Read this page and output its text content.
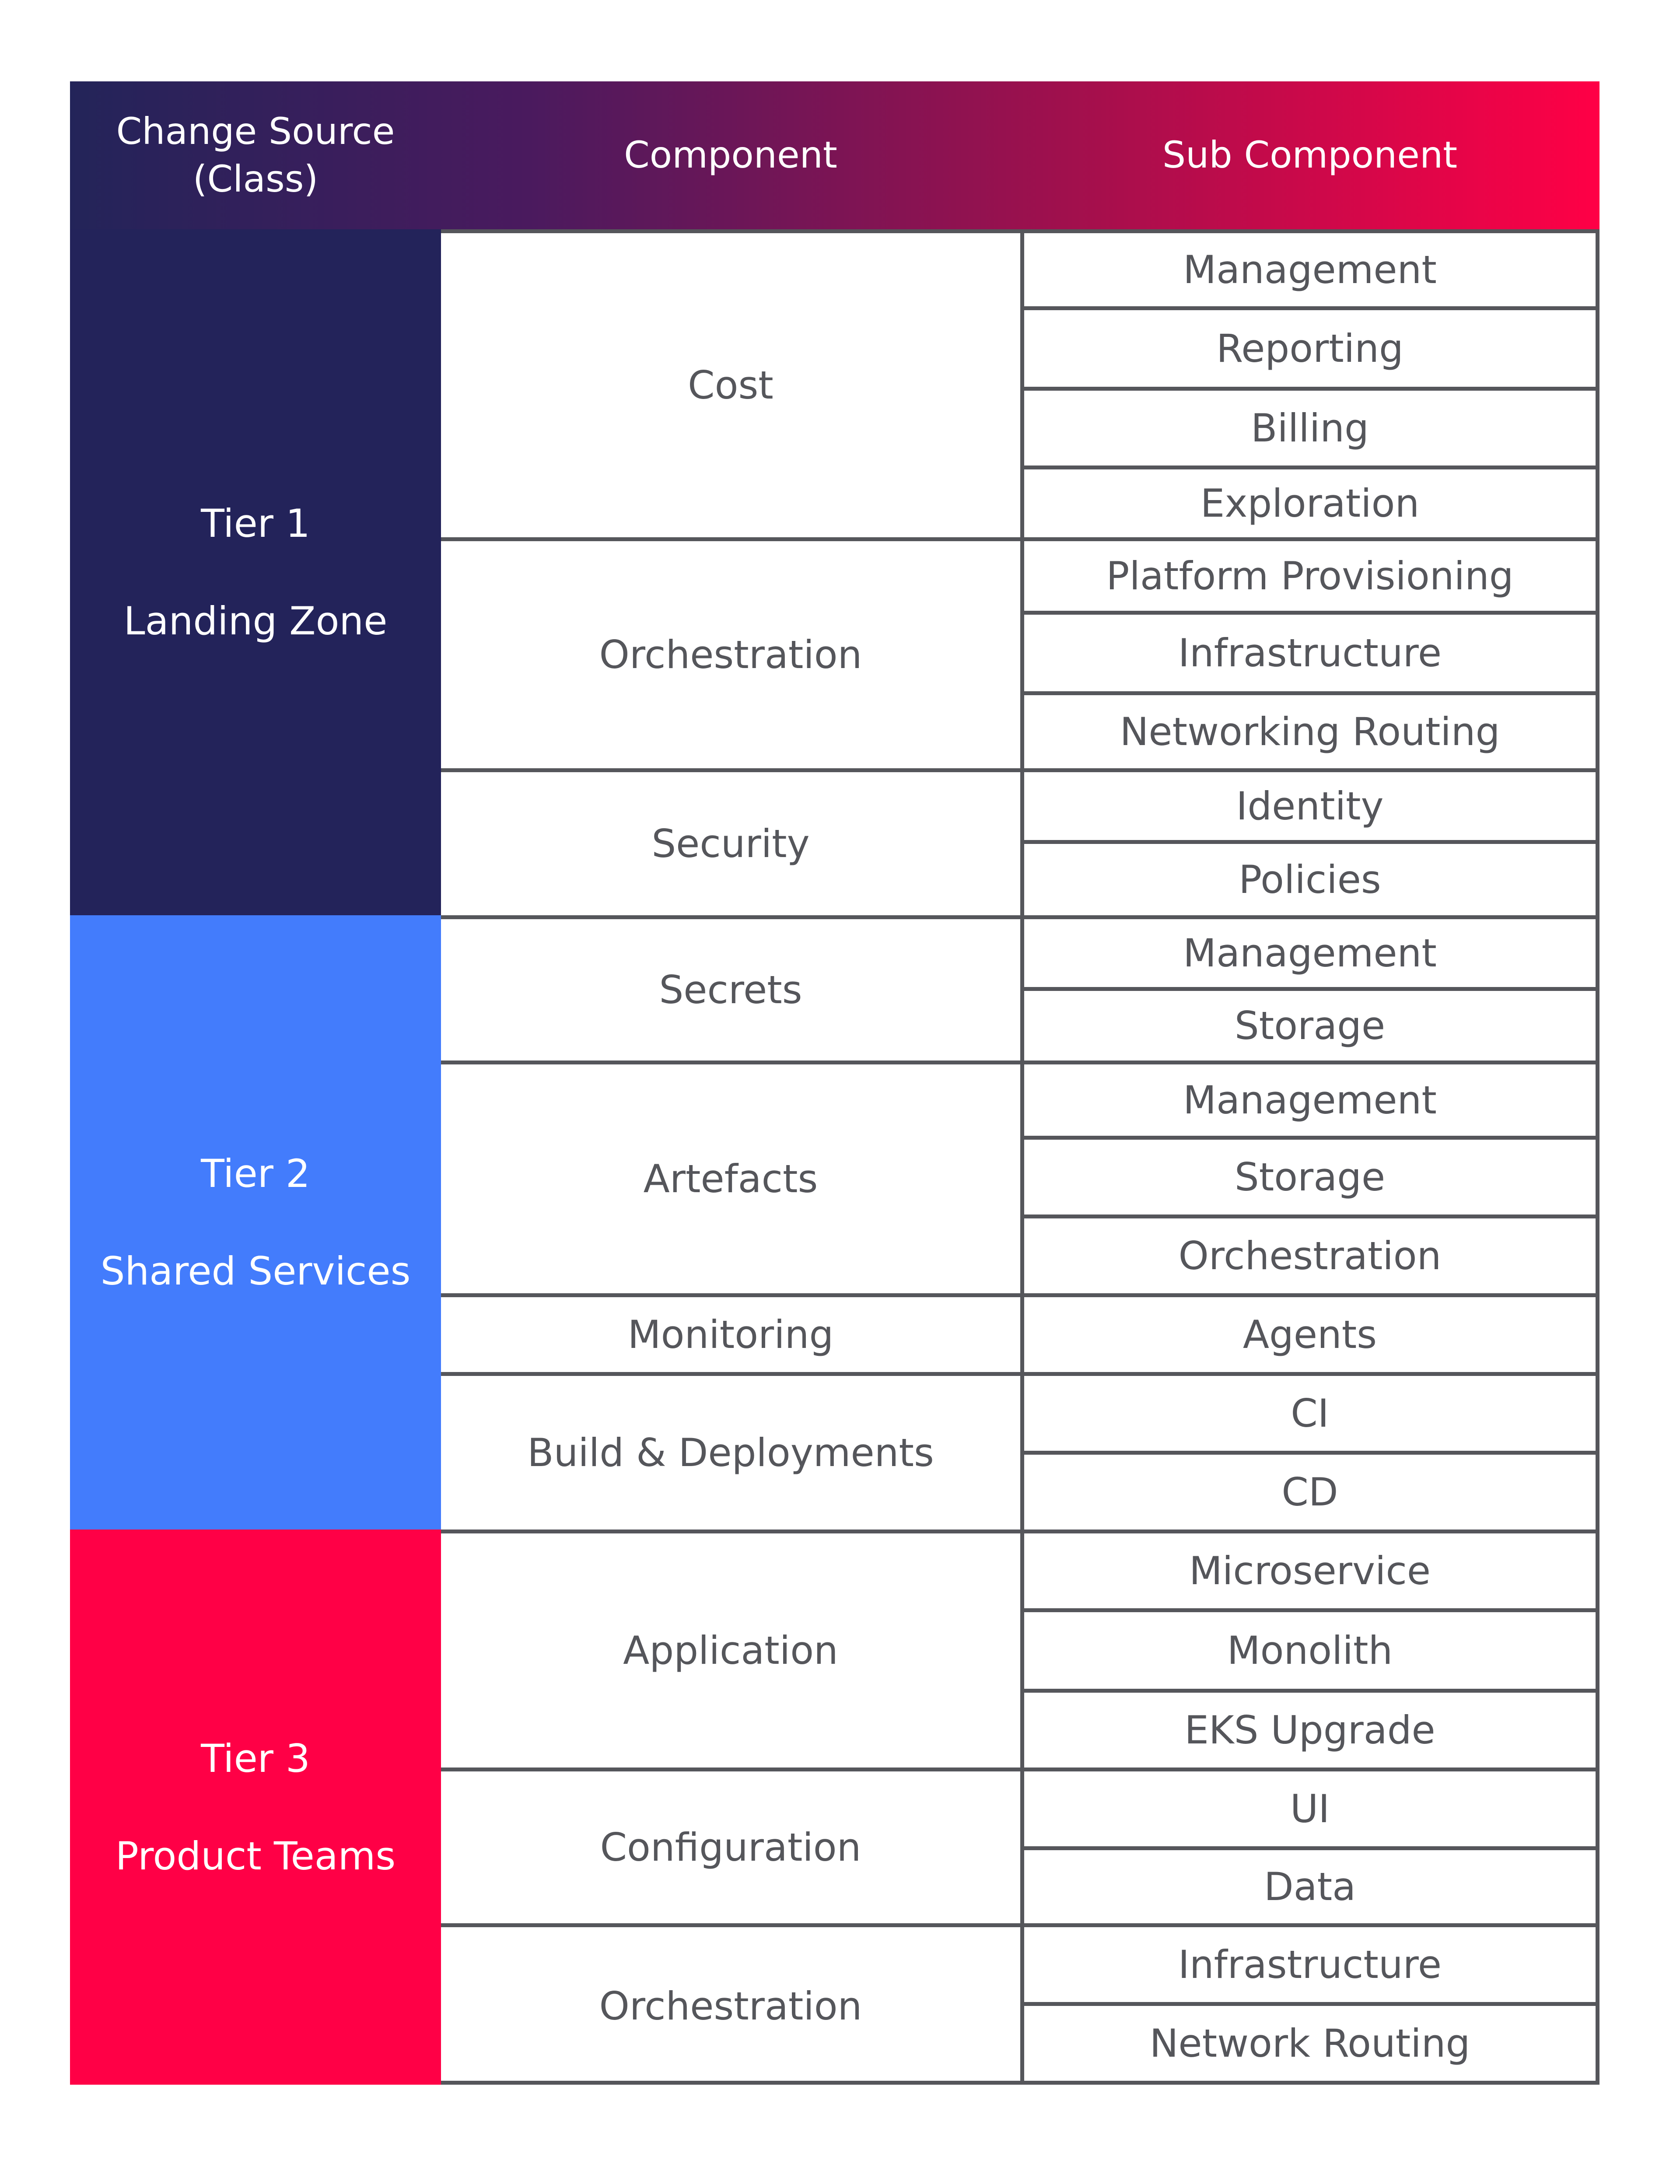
Change Source
(Class)
Component	Sub Component
Tier 1
Landing Zone
Tier 2
Shared Services
Tier 3
Product Teams
Cost
Orchestration
Security
Secrets
Artefacts
Monitoring
Build & Deployments
Application
Configuration
Orchestration
Management
Reporting
Billing
Exploration
Platform Provisioning
Infrastructure
Networking Routing
Identity
Policies
Management
Storage
Management
Storage
Orchestration
Agents
CI
CD
Microservice
Monolith
EKS Upgrade
UI
Data
Infrastructure
Network Routing
